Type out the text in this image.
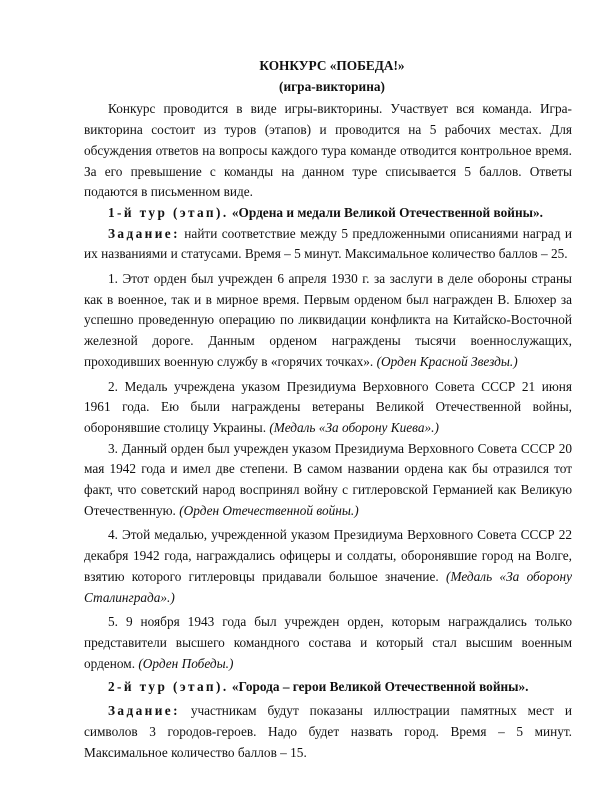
КОНКУРС «ПОБЕДА!»

(игра-викторина)

Конкурс проводится в виде игры-викторины. Участвует вся команда. Игра-викторина состоит из туров (этапов) и проводится на 5 рабочих местах. Для обсуждения ответов на вопросы каждого тура команде отводится контрольное время. За его превышение с команды на данном туре списывается 5 баллов. Ответы подаются в письменном виде.

1-й тур (этап). «Ордена и медали Великой Отечественной войны».

Задание: найти соответствие между 5 предложенными описаниями наград и их названиями и статусами. Время – 5 минут. Максимальное количество баллов – 25.

1. Этот орден был учрежден 6 апреля 1930 г. за заслуги в деле обороны страны как в военное, так и в мирное время. Первым орденом был награжден В. Блюхер за успешно проведенную операцию по ликвидации конфликта на Китайско-Восточной железной дороге. Данным орденом награждены тысячи военнослужащих, проходивших военную службу в «горячих точках». (Орден Красной Звезды.)

2. Медаль учреждена указом Президиума Верховного Совета СССР 21 июня 1961 года. Ею были награждены ветераны Великой Отечественной войны, оборонявшие столицу Украины. (Медаль «За оборону Киева».)

3. Данный орден был учрежден указом Президиума Верховного Совета СССР 20 мая 1942 года и имел две степени. В самом названии ордена как бы отразился тот факт, что советский народ воспринял войну с гитлеровской Германией как Великую Отечественную. (Орден Отечественной войны.)

4. Этой медалью, учрежденной указом Президиума Верховного Совета СССР 22 декабря 1942 года, награждались офицеры и солдаты, оборонявшие город на Волге, взятию которого гитлеровцы придавали большое значение. (Медаль «За оборону Сталинграда».)

5. 9 ноября 1943 года был учрежден орден, которым награждались только представители высшего командного состава и который стал высшим военным орденом. (Орден Победы.)

2-й тур (этап). «Города – герои Великой Отечественной войны».

Задание: участникам будут показаны иллюстрации памятных мест и символов 3 городов-героев. Надо будет назвать город. Время – 5 минут. Максимальное количество баллов – 15.
